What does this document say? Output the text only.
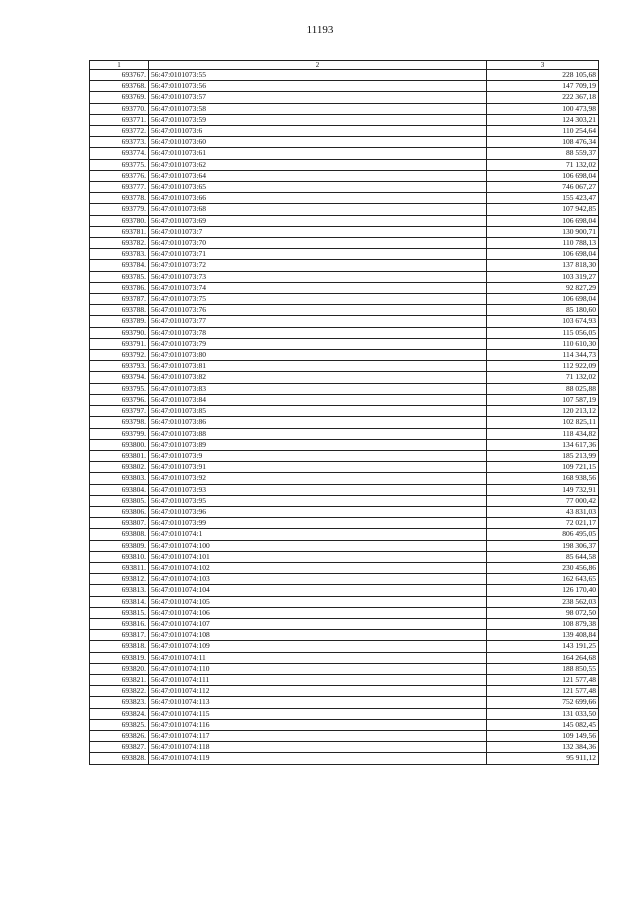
11193
1	2	3
693767.	56:47:0101073:55	228 105,68
693768.	56:47:0101073:56	147 709,19
693769.	56:47:0101073:57	222 367,18
693770.	56:47:0101073:58	100 473,98
693771.	56:47:0101073:59	124 303,21
693772.	56:47:0101073:6	110 254,64
693773.	56:47:0101073:60	108 476,34
693774.	56:47:0101073:61	88 559,37
693775.	56:47:0101073:62	71 132,02
693776.	56:47:0101073:64	106 698,04
693777.	56:47:0101073:65	746 067,27
693778.	56:47:0101073:66	155 423,47
693779.	56:47:0101073:68	107 942,85
693780.	56:47:0101073:69	106 698,04
693781.	56:47:0101073:7	130 900,71
693782.	56:47:0101073:70	110 788,13
693783.	56:47:0101073:71	106 698,04
693784.	56:47:0101073:72	137 818,30
693785.	56:47:0101073:73	103 319,27
693786.	56:47:0101073:74	92 827,29
693787.	56:47:0101073:75	106 698,04
693788.	56:47:0101073:76	85 180,60
693789.	56:47:0101073:77	103 674,93
693790.	56:47:0101073:78	115 056,05
693791.	56:47:0101073:79	110 610,30
693792.	56:47:0101073:80	114 344,73
693793.	56:47:0101073:81	112 922,09
693794.	56:47:0101073:82	71 132,02
693795.	56:47:0101073:83	88 025,88
693796.	56:47:0101073:84	107 587,19
693797.	56:47:0101073:85	120 213,12
693798.	56:47:0101073:86	102 825,11
693799.	56:47:0101073:88	118 434,82
693800.	56:47:0101073:89	134 617,36
693801.	56:47:0101073:9	185 213,99
693802.	56:47:0101073:91	109 721,15
693803.	56:47:0101073:92	168 938,56
693804.	56:47:0101073:93	149 732,91
693805.	56:47:0101073:95	77 000,42
693806.	56:47:0101073:96	43 831,03
693807.	56:47:0101073:99	72 021,17
693808.	56:47:0101074:1	806 495,05
693809.	56:47:0101074:100	198 306,37
693810.	56:47:0101074:101	85 644,58
693811.	56:47:0101074:102	230 456,86
693812.	56:47:0101074:103	162 643,65
693813.	56:47:0101074:104	126 170,40
693814.	56:47:0101074:105	238 562,03
693815.	56:47:0101074:106	98 072,50
693816.	56:47:0101074:107	108 879,38
693817.	56:47:0101074:108	139 408,84
693818.	56:47:0101074:109	143 191,25
693819.	56:47:0101074:11	164 264,68
693820.	56:47:0101074:110	188 850,55
693821.	56:47:0101074:111	121 577,48
693822.	56:47:0101074:112	121 577,48
693823.	56:47:0101074:113	752 699,66
693824.	56:47:0101074:115	131 033,50
693825.	56:47:0101074:116	145 082,45
693826.	56:47:0101074:117	109 149,56
693827.	56:47:0101074:118	132 384,36
693828.	56:47:0101074:119	95 911,12
